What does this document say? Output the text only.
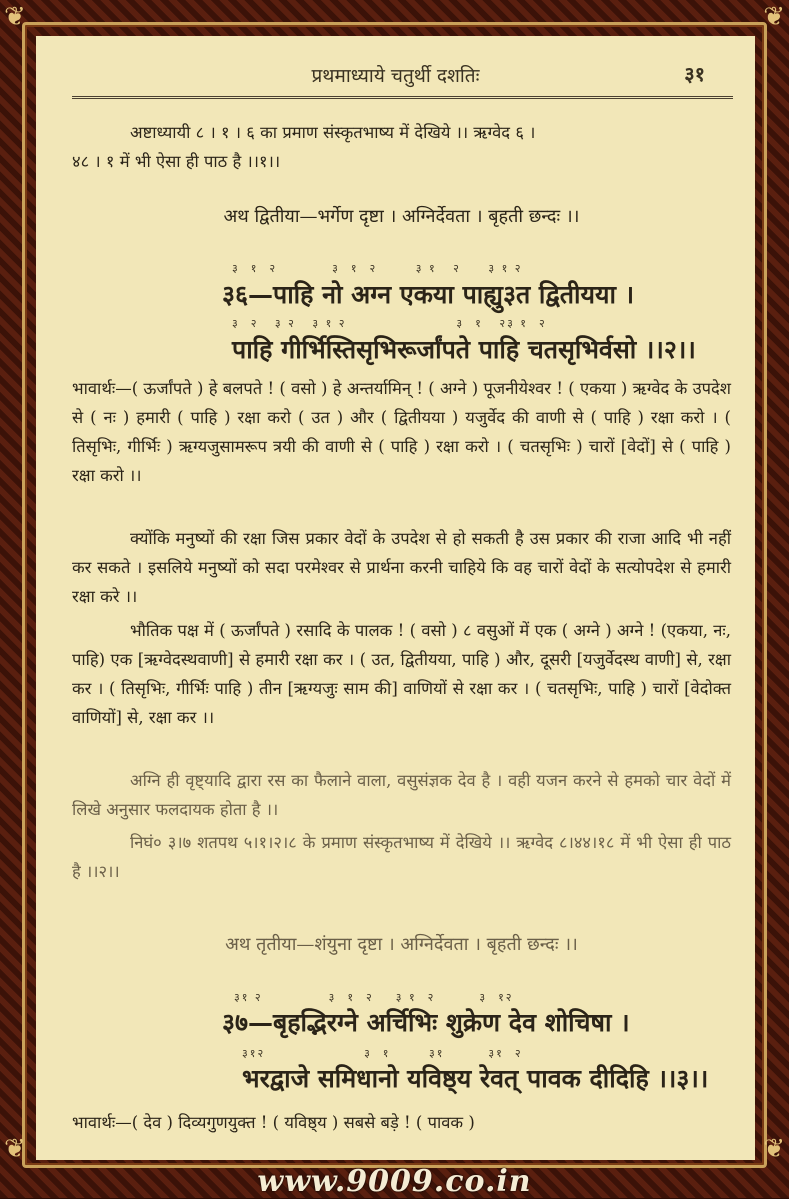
❦	❦
❦	❦
प्रथमाध्याये चतुर्थी दशतिः	३१
अष्टाध्यायी ८ । १ । ६ का प्रमाण संस्कृतभाष्य में देखिये ।। ऋग्वेद ६ ।
४८ । १ में भी ऐसा ही पाठ है ।।१।।
अथ द्वितीया—भर्गेण दृष्टा । अग्निर्देवता । बृहती छन्दः ।।
३  १  २          ३  १  २       ३ १   २     ३ १ २
३६—पाहि नो अग्न एकया पाह्यु३त द्वितीयया ।
३  २   ३ २   ३ १ २                    ३  १   २३ १  २
पाहि गीर्भिस्तिसृभिरूर्जांपते पाहि चतसृभिर्वसो ।।२।।
भावार्थः—( ऊर्जांपते ) हे बलपते ! ( वसो ) हे अन्तर्यामिन् ! ( अग्ने ) पूजनीयेश्वर ! ( एकया ) ऋग्वेद के उपदेश से ( नः ) हमारी ( पाहि ) रक्षा करो ( उत ) और ( द्वितीयया ) यजुर्वेद की वाणी से ( पाहि ) रक्षा करो । ( तिसृभिः, गीर्भिः ) ऋग्यजुसामरूप त्रयी की वाणी से ( पाहि ) रक्षा करो । ( चतसृभिः ) चारों [वेदों] से ( पाहि ) रक्षा करो ।।
क्योंकि मनुष्यों की रक्षा जिस प्रकार वेदों के उपदेश से हो सकती है उस प्रकार की राजा आदि भी नहीं कर सकते । इसलिये मनुष्यों को सदा परमेश्वर से प्रार्थना करनी चाहिये कि वह चारों वेदों के सत्योपदेश से हमारी रक्षा करे ।।
भौतिक पक्ष में ( ऊर्जांपते ) रसादि के पालक ! ( वसो ) ८ वसुओं में एक ( अग्ने ) अग्ने ! (एकया, नः, पाहि) एक [ऋग्वेदस्थवाणी] से हमारी रक्षा कर । ( उत, द्वितीयया, पाहि ) और, दूसरी [यजुर्वेदस्थ वाणी] से, रक्षा कर । ( तिसृभिः, गीर्भिः पाहि ) तीन [ऋग्यजुः साम की] वाणियों से रक्षा कर । ( चतसृभिः, पाहि ) चारों [वेदोक्त वाणियों] से, रक्षा कर ।।
अग्नि ही वृष्ट्यादि द्वारा रस का फैलाने वाला, वसुसंज्ञक देव है । वही यजन करने से हमको चार वेदों में लिखे अनुसार फलदायक होता है ।।
निघं० ३।७ शतपथ ५।१।२।८ के प्रमाण संस्कृतभाष्य में देखिये ।। ऋग्वेद ८।४४।१८ में भी ऐसा ही पाठ है ।।२।।
अथ तृतीया—शंयुना दृष्टा । अग्निर्देवता । बृहती छन्दः ।।
३१ २            ३  १  २    ३ १  २        ३  १२
३७—बृहद्भिरग्ने अर्चिभिः शुक्रेण देव शोचिषा ।
३१२                  ३  १       ३१        ३१  २
भरद्वाजे समिधानो यविष्ठ्य रेवत् पावक दीदिहि ।।३।।
भावार्थः—( देव ) दिव्यगुणयुक्त ! ( यविष्ठ्य ) सबसे बड़े ! ( पावक )
www.9009.co.in
